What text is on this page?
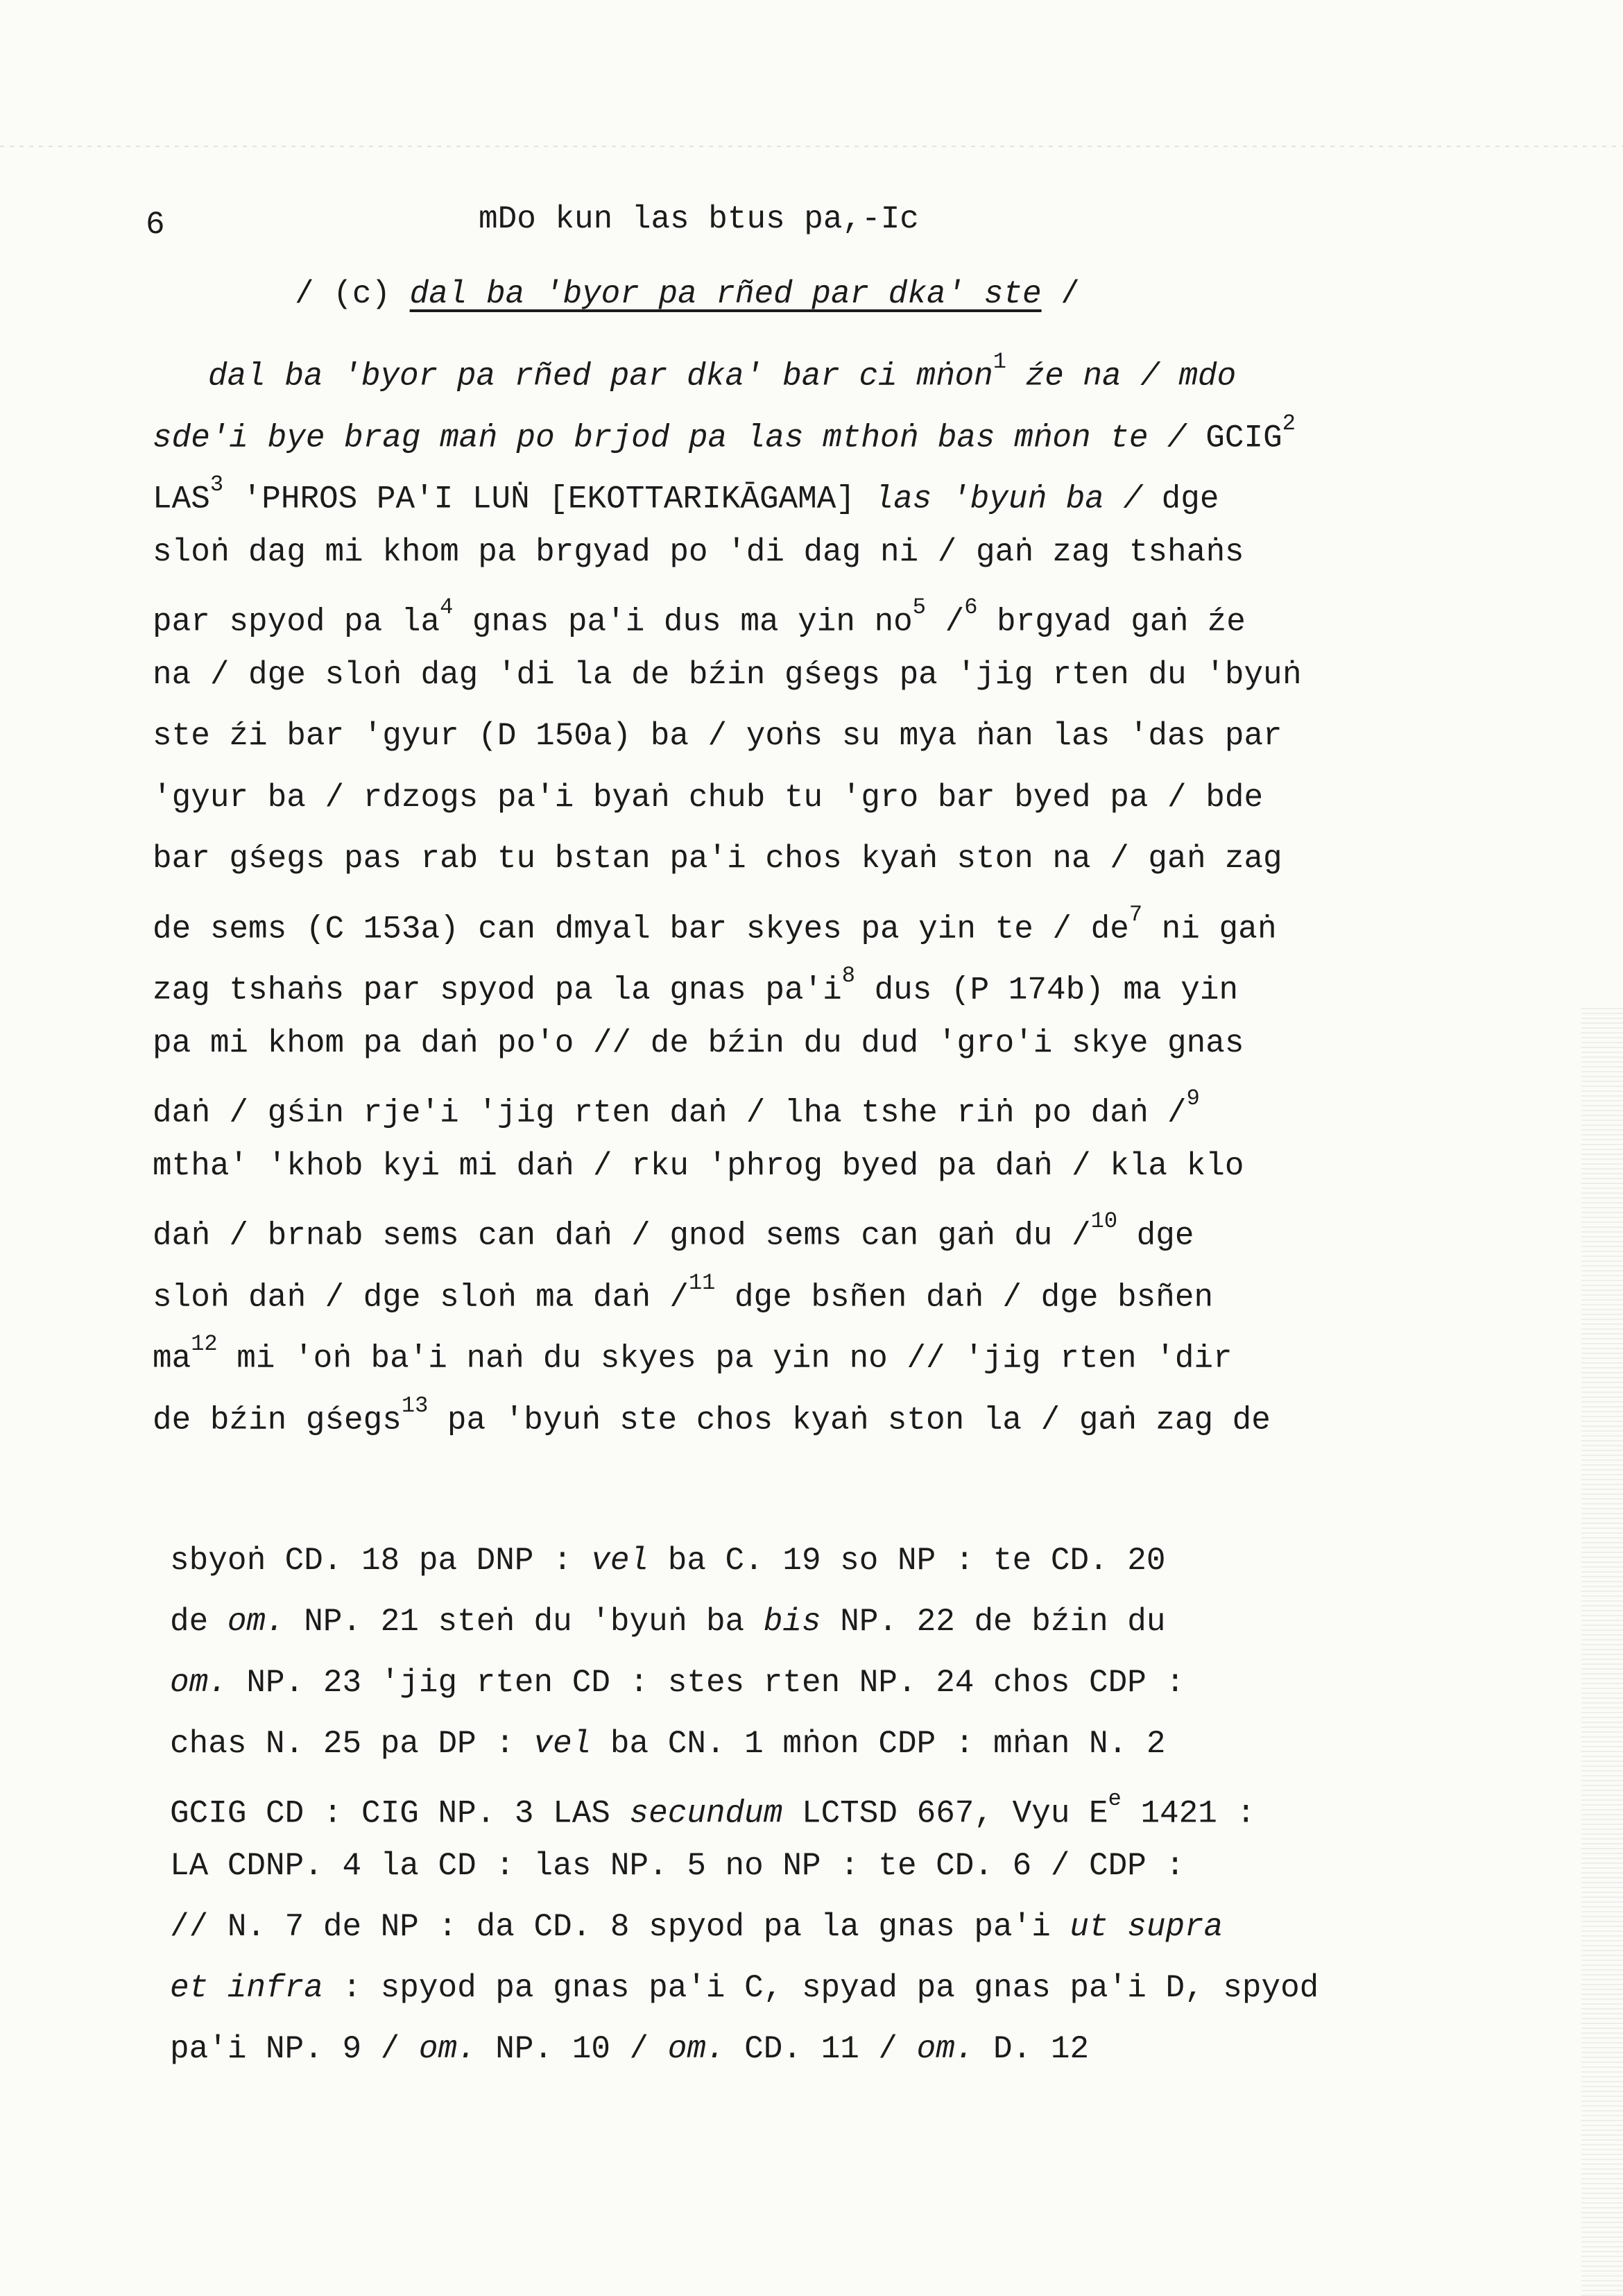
6	mDo kun las btus pa,-Ic
/ (c) dal ba 'byor pa rñed par dka' ste /
dal ba 'byor pa rñed par dka' bar ci mṅon$^1$ źe na / mdo
sde'i bye brag maṅ po brjod pa las mthoṅ bas mṅon te / GCIG$^2$
LAS$^3$ 'PHROS PA'I LUṄ [EKOTTARIKĀGAMA] las 'byuṅ ba / dge
sloṅ dag mi khom pa brgyad po 'di dag ni / gaṅ zag tshaṅs
par spyod pa $la^4$ gnas pa'i dus ma yin $no^5$ /$^6$ brgyad gaṅ źe
na / dge sloṅ dag 'di la de bźin gśegs pa 'jig rten du 'byuṅ
ste źi bar 'gyur (D 150a) ba / yoṅs su mya ṅan las 'das par
'gyur ba / rdzogs pa'i byaṅ chub tu 'gro bar byed pa / bde
bar gśegs pas rab tu bstan pa'i chos kyaṅ ston na / gaṅ zag
de sems (C 153a) can dmyal bar skyes pa yin te / $de^7$ ni gaṅ
zag tshaṅs par spyod pa la gnas $pa'i^8$ dus (P 174b) ma yin
pa mi khom pa daṅ po'o // de bźin du dud 'gro'i skye gnas
daṅ / gśin rje'i 'jig rten daṅ / lha tshe riṅ po daṅ /$^9$
mtha' 'khob kyi mi daṅ / rku 'phrog byed pa daṅ / kla klo
daṅ / brnab sems can daṅ / gnod sems can gaṅ du /$^{10}$ dge
sloṅ daṅ / dge sloṅ ma daṅ /$^{11}$ dge bsñen daṅ / dge bsñen
$ma^{12}$ mi 'oṅ ba'i naṅ du skyes pa yin no // 'jig rten 'dir
de bźin gśegs$^{13}$ pa 'byuṅ ste chos kyaṅ ston la / gaṅ zag de
sbyoṅ CD. 18 pa DNP : vel ba C. 19 so NP : te CD. 20
de om. NP. 21 steṅ du 'byuṅ ba bis NP. 22 de bźin du
om. NP. 23 'jig rten CD : stes rten NP. 24 chos CDP :
chas N. 25 pa DP : vel ba CN. 1 mṅon CDP : mṅan N. 2
GCIG CD : CIG NP. 3 LAS secundum LCTSD 667, Vyu $E^e$ 1421 :
LA CDNP. 4 la CD : las NP. 5 no NP : te CD. 6 / CDP :
// N. 7 de NP : da CD. 8 spyod pa la gnas pa'i ut supra
et infra : spyod pa gnas pa'i C, spyad pa gnas pa'i D, spyod
pa'i NP. 9 / om. NP. 10 / om. CD. 11 / om. D. 12
